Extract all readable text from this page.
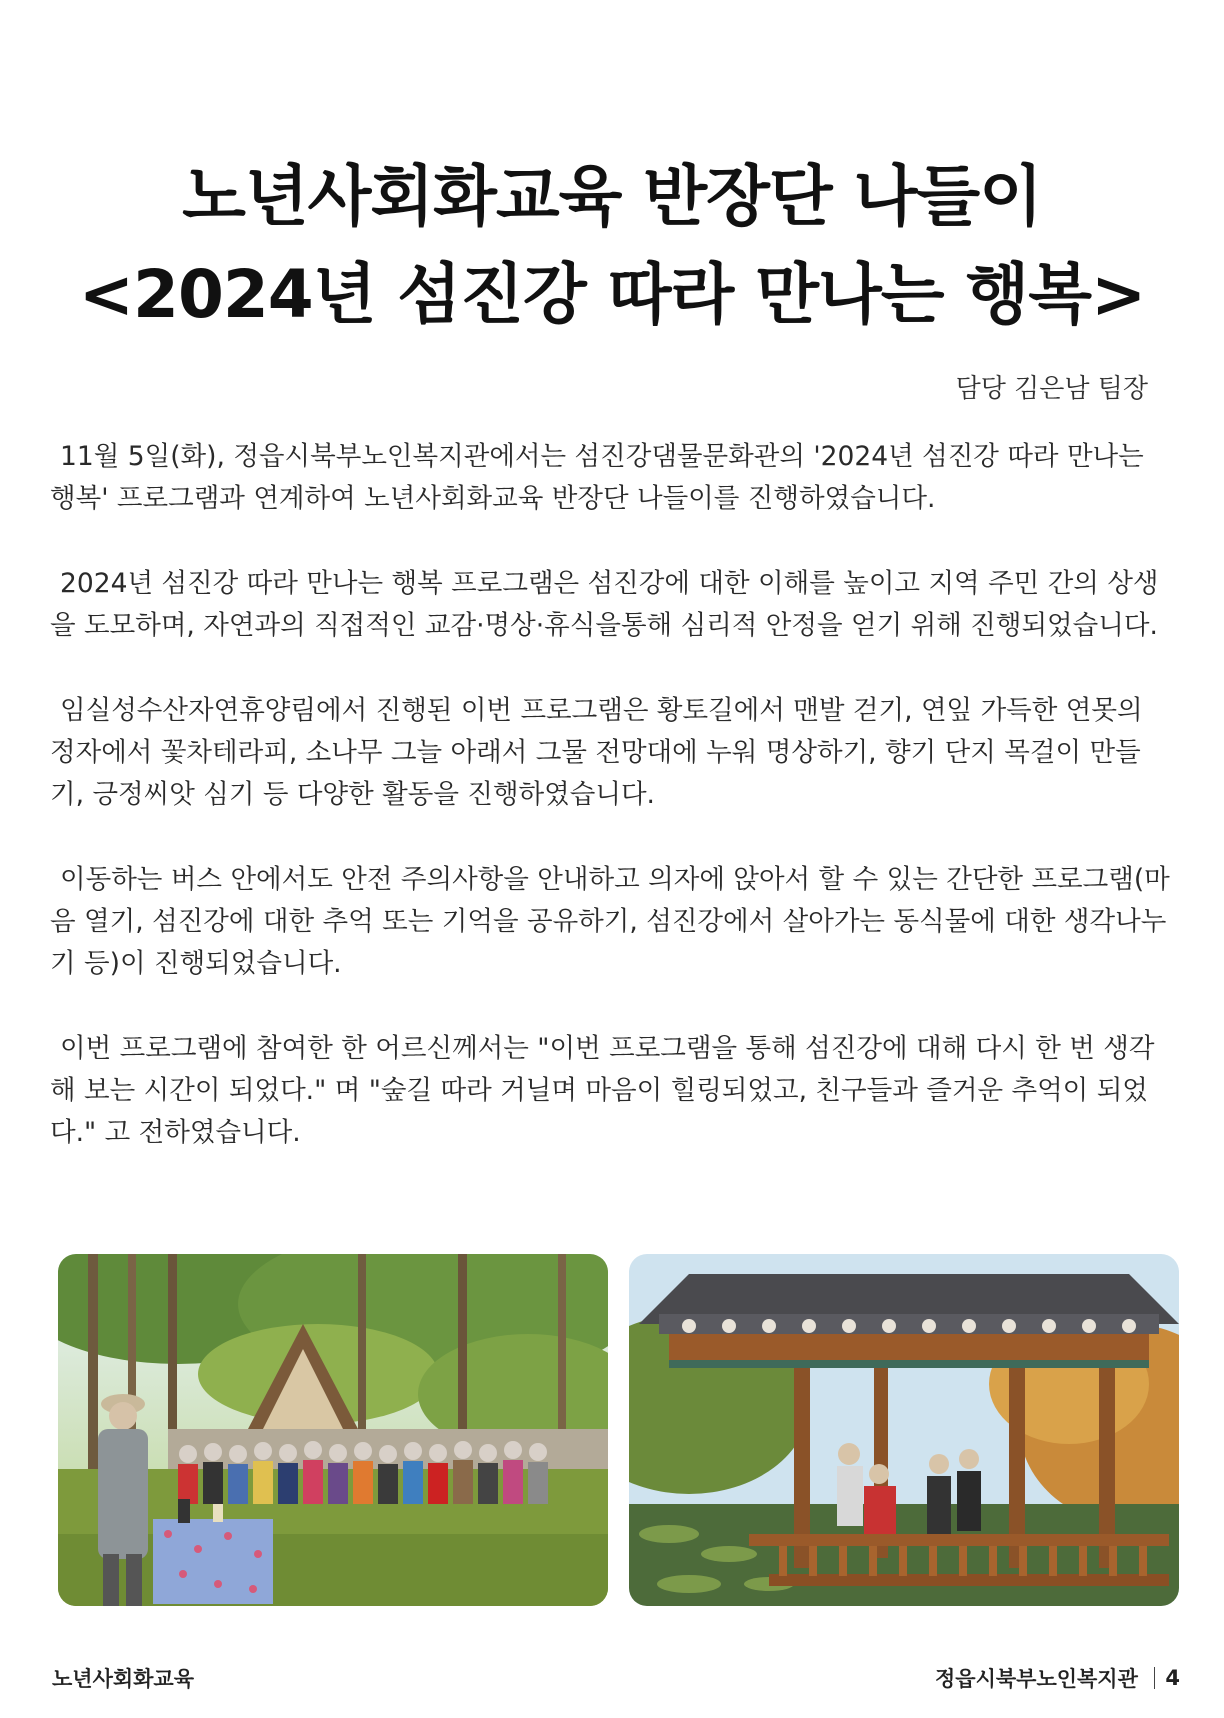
노년사회화교육 반장단 나들이
<2024년 섬진강 따라 만나는 행복>
담당 김은남 팀장

11월 5일(화), 정읍시북부노인복지관에서는 섬진강댐물문화관의 '2024년 섬진강 따라 만나는 행복' 프로그램과 연계하여 노년사회화교육 반장단 나들이를 진행하였습니다.

2024년 섬진강 따라 만나는 행복 프로그램은 섬진강에 대한 이해를 높이고 지역 주민 간의 상생을 도모하며, 자연과의 직접적인 교감·명상·휴식을통해 심리적 안정을 얻기 위해 진행되었습니다.

임실성수산자연휴양림에서 진행된 이번 프로그램은 황토길에서 맨발 걷기, 연잎 가득한 연못의 정자에서 꽃차테라피, 소나무 그늘 아래서 그물 전망대에 누워 명상하기, 향기 단지 목걸이 만들기, 긍정씨앗 심기 등 다양한 활동을 진행하였습니다.

이동하는 버스 안에서도 안전 주의사항을 안내하고 의자에 앉아서 할 수 있는 간단한 프로그램(마음 열기, 섬진강에 대한 추억 또는 기억을 공유하기, 섬진강에서 살아가는 동식물에 대한 생각나누기 등)이 진행되었습니다.

이번 프로그램에 참여한 한 어르신께서는 "이번 프로그램을 통해 섬진강에 대해 다시 한 번 생각해 보는 시간이 되었다." 며 "숲길 따라 거닐며 마음이 힐링되었고, 친구들과 즐거운 추억이 되었다." 고 전하였습니다.

노년사회화교육	정읍시북부노인복지관 4
